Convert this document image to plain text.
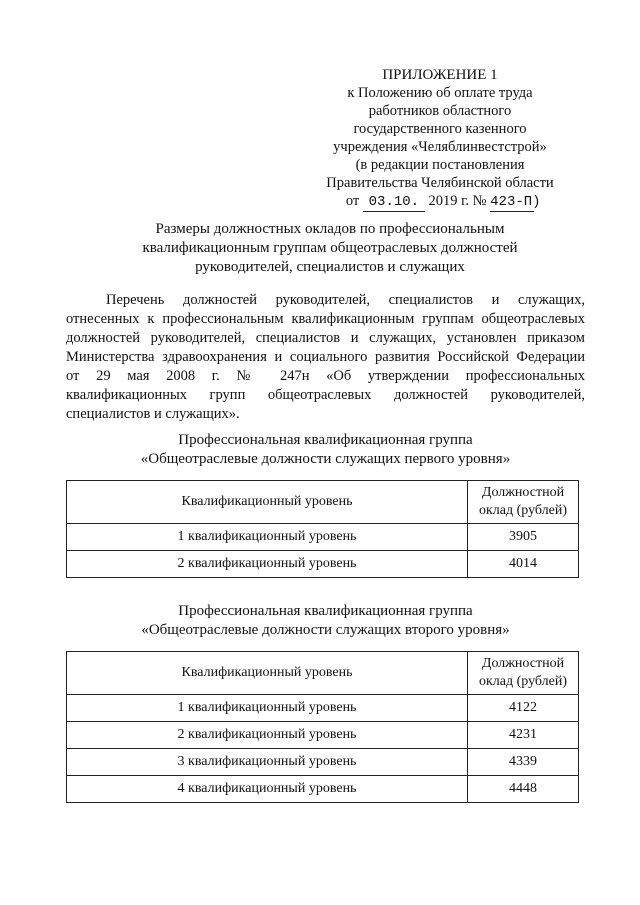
ПРИЛОЖЕНИЕ 1
к Положению об оплате труда
работников областного
государственного казенного
учреждения «Челяблинвестстрой»
(в редакции постановления
Правительства Челябинской области
от 03.10. 2019 г. № 423-П)
Размеры должностных окладов по профессиональным
квалификационным группам общеотраслевых должностей
руководителей, специалистов и служащих
Перечень должностей руководителей, специалистов и служащих,
отнесенных к профессиональным квалификационным группам общеотраслевых
должностей руководителей, специалистов и служащих, установлен приказом
Министерства здравоохранения и социального развития Российской Федерации
от 29 мая 2008 г. № 247н «Об утверждении профессиональных
квалификационных групп общеотраслевых должностей руководителей,
специалистов и служащих».
Профессиональная квалификационная группа
«Общеотраслевые должности служащих первого уровня»
Квалификационный уровень	Должностной
оклад (рублей)
1 квалификационный уровень	3905
2 квалификационный уровень	4014
Профессиональная квалификационная группа
«Общеотраслевые должности служащих второго уровня»
Квалификационный уровень	Должностной
оклад (рублей)
1 квалификационный уровень	4122
2 квалификационный уровень	4231
3 квалификационный уровень	4339
4 квалификационный уровень	4448
